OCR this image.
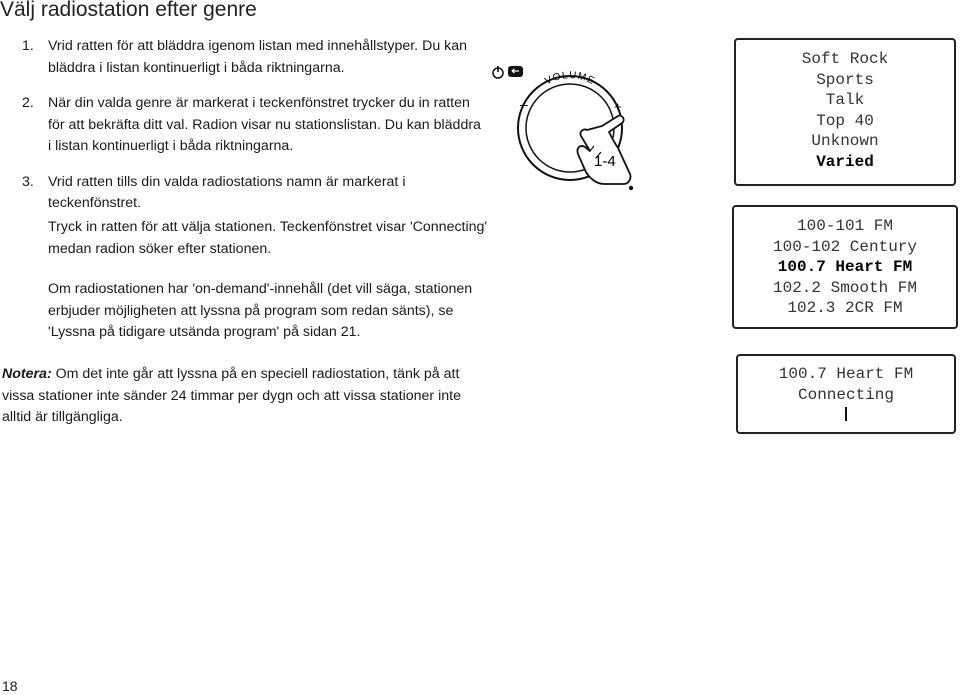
Välj radiostation efter genre
1. Vrid ratten för att bläddra igenom listan med innehållstyper. Du kan bläddra i listan kontinuerligt i båda riktningarna.
2. När din valda genre är markerat i teckenfönstret trycker du in ratten för att bekräfta ditt val. Radion visar nu stationslistan. Du kan bläddra i listan kontinuerligt i båda riktningarna.
3. Vrid ratten tills din valda radiostations namn är markerat i teckenfönstret.

Tryck in ratten för att välja stationen. Teckenfönstret visar 'Connecting' medan radion söker efter stationen.

Om radiostationen har 'on-demand'-innehåll (det vill säga, stationen erbjuder möjligheten att lyssna på program som redan sänts), se 'Lyssna på tidigare utsända program' på sidan 21.

Notera: Om det inte går att lyssna på en speciell radiostation, tänk på att vissa stationer inte sänder 24 timmar per dygn och att vissa stationer inte alltid är tillgängliga.

VOLUME
–	+
1-4
Soft Rock
Sports
Talk
Top 40
Unknown
Varied
100-101 FM
100-102 Century
100.7 Heart FM
102.2 Smooth FM
102.3 2CR FM
100.7 Heart FM
Connecting
18
